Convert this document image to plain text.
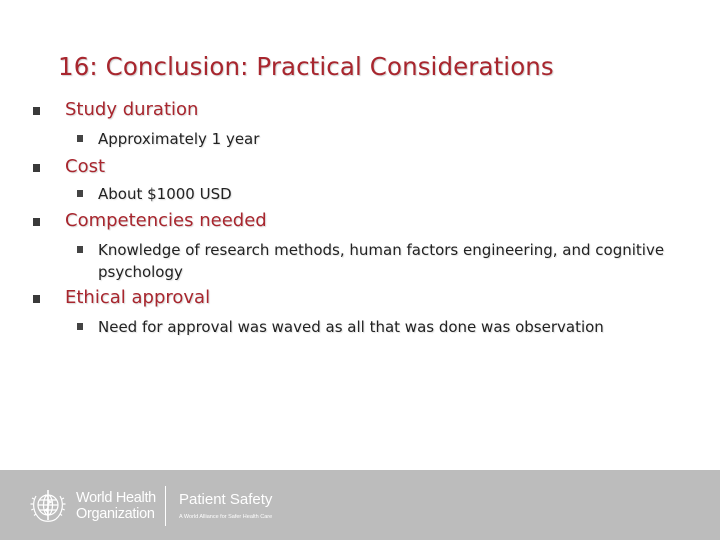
16: Conclusion: Practical Considerations
Study duration
Approximately 1 year
Cost
About $1000 USD
Competencies needed
Knowledge of research methods, human factors engineering, and cognitive psychology
Ethical approval
Need for approval was waved as all that was done was observation
World Health
Organization
Patient Safety
A World Alliance for Safer Health Care
